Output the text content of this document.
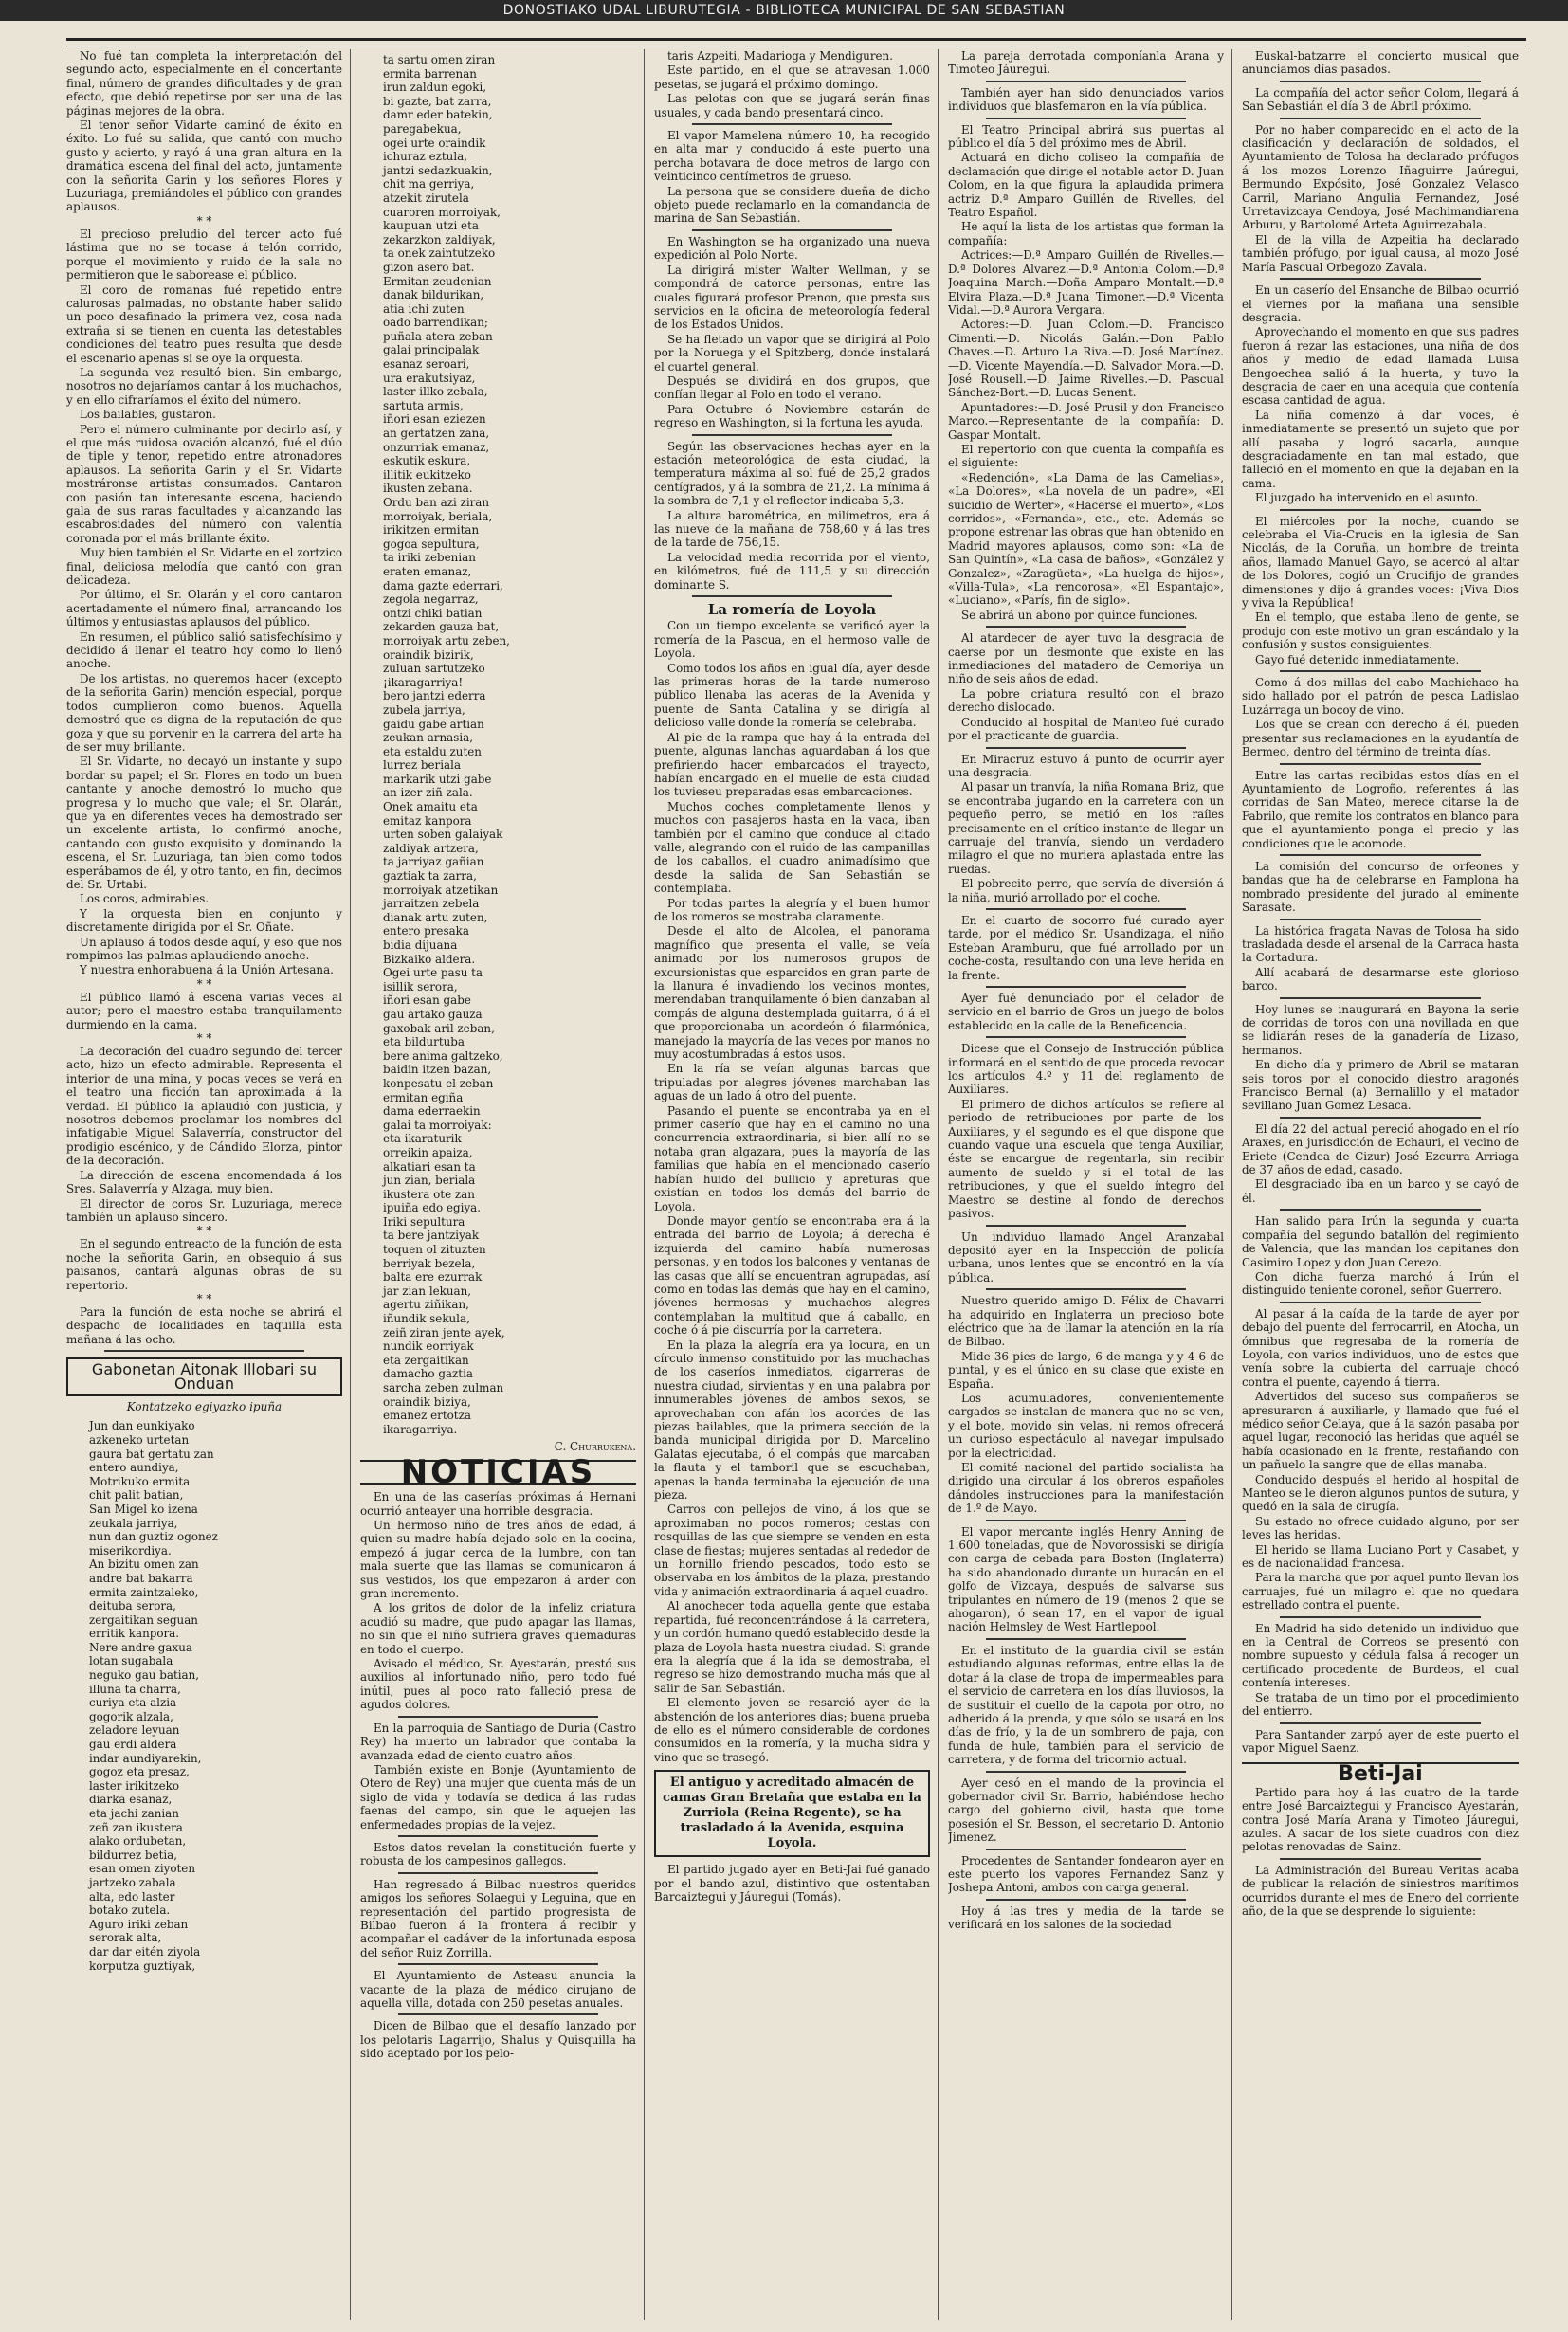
DONOSTIAKO UDAL LIBURUTEGIA - BIBLIOTECA MUNICIPAL DE SAN SEBASTIAN

No fué tan completa la interpretación del segundo acto, especialmente en el concertante final, número de grandes dificultades y de gran efecto, que debió repetirse por ser una de las páginas mejores de la obra.

El tenor señor Vidarte caminó de éxito en éxito. Lo fué su salida, que cantó con mucho gusto y acierto, y rayó á una gran altura en la dramática escena del final del acto, juntamente con la señorita Garin y los señores Flores y Luzuriaga, premiándoles el público con grandes aplausos.

* *

El precioso preludio del tercer acto fué lástima que no se tocase á telón corrido, porque el movimiento y ruido de la sala no permitieron que le saborease el público.

El coro de romanas fué repetido entre calurosas palmadas, no obstante haber salido un poco desafinado la primera vez, cosa nada extraña si se tienen en cuenta las detestables condiciones del teatro pues resulta que desde el escenario apenas si se oye la orquesta.

La segunda vez resultó bien. Sin embargo, nosotros no dejaríamos cantar á los muchachos, y en ello cifraríamos el éxito del número.

Los bailables, gustaron.

Pero el número culminante por decirlo así, y el que más ruidosa ovación alcanzó, fué el dúo de tiple y tenor, repetido entre atronadores aplausos. La señorita Garin y el Sr. Vidarte mostráronse artistas consumados. Cantaron con pasión tan interesante escena, haciendo gala de sus raras facultades y alcanzando las escabrosidades del número con valentía coronada por el más brillante éxito.

Muy bien también el Sr. Vidarte en el zortzico final, deliciosa melodía que cantó con gran delicadeza.

Por último, el Sr. Olarán y el coro cantaron acertadamente el número final, arrancando los últimos y entusiastas aplausos del público.

En resumen, el público salió satisfechísimo y decidido á llenar el teatro hoy como lo llenó anoche.

De los artistas, no queremos hacer (excepto de la señorita Garin) mención especial, porque todos cumplieron como buenos. Aquella demostró que es digna de la reputación de que goza y que su porvenir en la carrera del arte ha de ser muy brillante.

El Sr. Vidarte, no decayó un instante y supo bordar su papel; el Sr. Flores en todo un buen cantante y anoche demostró lo mucho que progresa y lo mucho que vale; el Sr. Olarán, que ya en diferentes veces ha demostrado ser un excelente artista, lo confirmó anoche, cantando con gusto exquisito y dominando la escena, el Sr. Luzuriaga, tan bien como todos esperábamos de él, y otro tanto, en fin, decimos del Sr. Urtabi.

Los coros, admirables.

Y la orquesta bien en conjunto y discretamente dirigida por el Sr. Oñate.

Un aplauso á todos desde aquí, y eso que nos rompimos las palmas aplaudiendo anoche.

Y nuestra enhorabuena á la Unión Artesana.

* *

El público llamó á escena varias veces al autor; pero el maestro estaba tranquilamente durmiendo en la cama.

* *

La decoración del cuadro segundo del tercer acto, hizo un efecto admirable. Representa el interior de una mina, y pocas veces se verá en el teatro una ficción tan aproximada á la verdad. El público la aplaudió con justicia, y nosotros debemos proclamar los nombres del infatigable Miguel Salaverría, constructor del prodigio escénico, y de Cándido Elorza, pintor de la decoración.

La dirección de escena encomendada á los Sres. Salaverría y Alzaga, muy bien.

El director de coros Sr. Luzuriaga, merece también un aplauso sincero.

* *

En el segundo entreacto de la función de esta noche la señorita Garin, en obsequio á sus paisanos, cantará algunas obras de su repertorio.

* *

Para la función de esta noche se abrirá el despacho de localidades en taquilla esta mañana á las ocho.

Gabonetan Aitonak Illobari su Onduan
Kontatzeko egiyazko ipuña
Jun dan eunkiyako
azkeneko urtetan
gaura bat gertatu zan
entero aundiya,
Motrikuko ermita
chit palit batian,
San Migel ko izena
zeukala jarriya,
nun dan guztiz ogonez
miserikordiya.
An bizitu omen zan
andre bat bakarra
ermita zaintzaleko,
deituba serora,
zergaitikan seguan
erritik kanpora.
Nere andre gaxua
lotan sugabala
neguko gau batian,
illuna ta charra,
curiya eta alzia
gogorik alzala,
zeladore leyuan
gau erdi aldera
indar aundiyarekin,
gogoz eta presaz,
laster irikitzeko
diarka esanaz,
eta jachi zanian
zeñ zan ikustera
alako ordubetan,
bildurrez betia,
esan omen ziyoten
jartzeko zabala
alta, edo laster
botako zutela.
Aguro iriki zeban
serorak alta,
dar dar eitén ziyola
korputza guztiyak,
ta sartu omen ziran
ermita barrenan
irun zaldun egoki,
bi gazte, bat zarra,
damr eder batekin,
paregabekua,
ogei urte oraindik
ichuraz eztula,
jantzi sedazkuakin,
chit ma gerriya,
atzekit zirutela
cuaroren morroiyak,
kaupuan utzi eta
zekarzkon zaldiyak,
ta onek zaintutzeko
gizon asero bat.
Ermitan zeudenian
danak bildurikan,
atia ichi zuten
oado barrendikan;
puñala atera zeban
galai principalak
esanaz seroari,
ura erakutsiyaz,
laster illko zebala,
sartuta armis,
iñori esan eziezen
an gertatzen zana,
onzurriak emanaz,
eskutik eskura,
illitik eukitzeko
ikusten zebana.
Ordu ban azi ziran
morroiyak, beriala,
irikitzen ermitan
gogoa sepultura,
ta iriki zebenian
eraten emanaz,
dama gazte ederrari,
zegola negarraz,
ontzi chiki batian
zekarden gauza bat,
morroiyak artu zeben,
oraindik bizirik,
zuluan sartutzeko
¡ikaragarriya!
bero jantzi ederra
zubela jarriya,
gaidu gabe artian
zeukan arnasia,
eta estaldu zuten
lurrez beriala
markarik utzi gabe
an izer ziñ zala.
Onek amaitu eta
emitaz kanpora
urten soben galaiyak
zaldiyak artzera,
ta jarriyaz gañian
gaztiak ta zarra,
morroiyak atzetikan
jarraitzen zebela
dianak artu zuten,
entero presaka
bidia dijuana
Bizkaiko aldera.
Ogei urte pasu ta
isillik serora,
iñori esan gabe
gau artako gauza
gaxobak aril zeban,
eta bildurtuba
bere anima galtzeko,
baidin itzen bazan,
konpesatu el zeban
ermitan egiña
dama ederraekin
galai ta morroiyak:
eta ikaraturik
orreikin apaiza,
alkatiari esan ta
jun zian, beriala
ikustera ote zan
ipuiña edo egiya.
Iriki sepultura
ta bere jantziyak
toquen ol zituzten
berriyak bezela,
balta ere ezurrak
jar zian lekuan,
agertu ziñikan,
iñundik sekula,
zeiñ ziran jente ayek,
nundik eorriyak
eta zergaitikan
damacho gaztia
sarcha zeben zulman
oraindik biziya,
emanez ertotza
ikaragarriya.
C. Churrukena.
NOTICIAS

En una de las caserías próximas á Hernani ocurrió anteayer una horrible desgracia.

Un hermoso niño de tres años de edad, á quien su madre había dejado solo en la cocina, empezó á jugar cerca de la lumbre, con tan mala suerte que las llamas se comunicaron á sus vestidos, los que empezaron á arder con gran incremento.

A los gritos de dolor de la infeliz criatura acudió su madre, que pudo apagar las llamas, no sin que el niño sufriera graves quemaduras en todo el cuerpo.

Avisado el médico, Sr. Ayestarán, prestó sus auxilios al infortunado niño, pero todo fué inútil, pues al poco rato falleció presa de agudos dolores.

En la parroquia de Santiago de Duria (Castro Rey) ha muerto un labrador que contaba la avanzada edad de ciento cuatro años.

También existe en Bonje (Ayuntamiento de Otero de Rey) una mujer que cuenta más de un siglo de vida y todavía se dedica á las rudas faenas del campo, sin que le aquejen las enfermedades propias de la vejez.

Estos datos revelan la constitución fuerte y robusta de los campesinos gallegos.

Han regresado á Bilbao nuestros queridos amigos los señores Solaegui y Leguina, que en representación del partido progresista de Bilbao fueron á la frontera á recibir y acompañar el cadáver de la infortunada esposa del señor Ruiz Zorrilla.

El Ayuntamiento de Asteasu anuncia la vacante de la plaza de médico cirujano de aquella villa, dotada con 250 pesetas anuales.

Dicen de Bilbao que el desafío lanzado por los pelotaris Lagarrijo, Shalus y Quisquilla ha sido aceptado por los pelo-

taris Azpeiti, Madarioga y Mendiguren.

Este partido, en el que se atravesan 1.000 pesetas, se jugará el próximo domingo.

Las pelotas con que se jugará serán finas usuales, y cada bando presentará cinco.

El vapor Mamelena número 10, ha recogido en alta mar y conducido á este puerto una percha botavara de doce metros de largo con veinticinco centímetros de grueso.

La persona que se considere dueña de dicho objeto puede reclamarlo en la comandancia de marina de San Sebastián.

En Washington se ha organizado una nueva expedición al Polo Norte.

La dirigirá mister Walter Wellman, y se compondrá de catorce personas, entre las cuales figurará profesor Prenon, que presta sus servicios en la oficina de meteorología federal de los Estados Unidos.

Se ha fletado un vapor que se dirigirá al Polo por la Noruega y el Spitzberg, donde instalará el cuartel general.

Después se dividirá en dos grupos, que confían llegar al Polo en todo el verano.

Para Octubre ó Noviembre estarán de regreso en Washington, si la fortuna les ayuda.

Según las observaciones hechas ayer en la estación meteorológica de esta ciudad, la temperatura máxima al sol fué de 25,2 grados centígrados, y á la sombra de 21,2. La mínima á la sombra de 7,1 y el reflector indicaba 5,3.

La altura barométrica, en milímetros, era á las nueve de la mañana de 758,60 y á las tres de la tarde de 756,15.

La velocidad media recorrida por el viento, en kilómetros, fué de 111,5 y su dirección dominante S.

La romería de Loyola

Con un tiempo excelente se verificó ayer la romería de la Pascua, en el hermoso valle de Loyola.

Como todos los años en igual día, ayer desde las primeras horas de la tarde numeroso público llenaba las aceras de la Avenida y puente de Santa Catalina y se dirigía al delicioso valle donde la romería se celebraba.

Al pie de la rampa que hay á la entrada del puente, algunas lanchas aguardaban á los que prefiriendo hacer embarcados el trayecto, habían encargado en el muelle de esta ciudad los tuvieseu preparadas esas embarcaciones.

Muchos coches completamente llenos y muchos con pasajeros hasta en la vaca, iban también por el camino que conduce al citado valle, alegrando con el ruido de las campanillas de los caballos, el cuadro animadísimo que desde la salida de San Sebastián se contemplaba.

Por todas partes la alegría y el buen humor de los romeros se mostraba claramente.

Desde el alto de Alcolea, el panorama magnífico que presenta el valle, se veía animado por los numerosos grupos de excursionistas que esparcidos en gran parte de la llanura é invadiendo los vecinos montes, merendaban tranquilamente ó bien danzaban al compás de alguna destemplada guitarra, ó á el que proporcionaba un acordeón ó filarmónica, manejado la mayoría de las veces por manos no muy acostumbradas á estos usos.

En la ría se veían algunas barcas que tripuladas por alegres jóvenes marchaban las aguas de un lado á otro del puente.

Pasando el puente se encontraba ya en el primer caserío que hay en el camino no una concurrencia extraordinaria, si bien allí no se notaba gran algazara, pues la mayoría de las familias que había en el mencionado caserío habían huido del bullicio y apreturas que existían en todos los demás del barrio de Loyola.

Donde mayor gentío se encontraba era á la entrada del barrio de Loyola; á derecha é izquierda del camino había numerosas personas, y en todos los balcones y ventanas de las casas que allí se encuentran agrupadas, así como en todas las demás que hay en el camino, jóvenes hermosas y muchachos alegres contemplaban la multitud que á caballo, en coche ó á pie discurría por la carretera.

En la plaza la alegría era ya locura, en un círculo inmenso constituido por las muchachas de los caseríos inmediatos, cigarreras de nuestra ciudad, sirvientas y en una palabra por innumerables jóvenes de ambos sexos, se aprovechaban con afán los acordes de las piezas bailables, que la primera sección de la banda municipal dirigida por D. Marcelino Galatas ejecutaba, ó el compás que marcaban la flauta y el tamboril que se escuchaban, apenas la banda terminaba la ejecución de una pieza.

Carros con pellejos de vino, á los que se aproximaban no pocos romeros; cestas con rosquillas de las que siempre se venden en esta clase de fiestas; mujeres sentadas al rededor de un hornillo friendo pescados, todo esto se observaba en los ámbitos de la plaza, prestando vida y animación extraordinaria á aquel cuadro.

Al anochecer toda aquella gente que estaba repartida, fué reconcentrándose á la carretera, y un cordón humano quedó establecido desde la plaza de Loyola hasta nuestra ciudad. Si grande era la alegría que á la ida se demostraba, el regreso se hizo demostrando mucha más que al salir de San Sebastián.

El elemento joven se resarció ayer de la abstención de los anteriores días; buena prueba de ello es el número considerable de cordones consumidos en la romería, y la mucha sidra y vino que se trasegó.

El antiguo y acreditado almacén de camas Gran Bretaña que estaba en la Zurriola (Reina Regente), se ha trasladado á la Avenida, esquina Loyola.

El partido jugado ayer en Beti-Jai fué ganado por el bando azul, distintivo que ostentaban Barcaiztegui y Jáuregui (Tomás).

La pareja derrotada componíanla Arana y Timoteo Jáuregui.

También ayer han sido denunciados varios individuos que blasfemaron en la vía pública.

El Teatro Principal abrirá sus puertas al público el día 5 del próximo mes de Abril.

Actuará en dicho coliseo la compañía de declamación que dirige el notable actor D. Juan Colom, en la que figura la aplaudida primera actriz D.ª Amparo Guillén de Rivelles, del Teatro Español.

He aquí la lista de los artistas que forman la compañía:

Actrices:—D.ª Amparo Guillén de Rivelles.—D.ª Dolores Alvarez.—D.ª Antonia Colom.—D.ª Joaquina March.—Doña Amparo Montalt.—D.ª Elvira Plaza.—D.ª Juana Timoner.—D.ª Vicenta Vidal.—D.ª Aurora Vergara.

Actores:—D. Juan Colom.—D. Francisco Cimenti.—D. Nicolás Galán.—Don Pablo Chaves.—D. Arturo La Riva.—D. José Martínez.—D. Vicente Mayendía.—D. Salvador Mora.—D. José Rousell.—D. Jaime Rivelles.—D. Pascual Sánchez-Bort.—D. Lucas Senent.

Apuntadores:—D. José Prusil y don Francisco Marco.—Representante de la compañía: D. Gaspar Montalt.

El repertorio con que cuenta la compañía es el siguiente:

«Redención», «La Dama de las Camelias», «La Dolores», «La novela de un padre», «El suicidio de Werter», «Hacerse el muerto», «Los corridos», «Fernanda», etc., etc. Además se propone estrenar las obras que han obtenido en Madrid mayores aplausos, como son: «La de San Quintín», «La casa de baños», «González y Gonzalez», «Zaragüeta», «La huelga de hijos», «Villa-Tula», «La rencorosa», «El Espantajo», «Luciano», «París, fin de siglo».

Se abrirá un abono por quince funciones.

Al atardecer de ayer tuvo la desgracia de caerse por un desmonte que existe en las inmediaciones del matadero de Cemoriya un niño de seis años de edad.

La pobre criatura resultó con el brazo derecho dislocado.

Conducido al hospital de Manteo fué curado por el practicante de guardia.

En Miracruz estuvo á punto de ocurrir ayer una desgracia.

Al pasar un tranvía, la niña Romana Briz, que se encontraba jugando en la carretera con un pequeño perro, se metió en los raíles precisamente en el crítico instante de llegar un carruaje del tranvía, siendo un verdadero milagro el que no muriera aplastada entre las ruedas.

El pobrecito perro, que servía de diversión á la niña, murió arrollado por el coche.

En el cuarto de socorro fué curado ayer tarde, por el médico Sr. Usandizaga, el niño Esteban Aramburu, que fué arrollado por un coche-costa, resultando con una leve herida en la frente.

Ayer fué denunciado por el celador de servicio en el barrio de Gros un juego de bolos establecido en la calle de la Beneficencia.

Dicese que el Consejo de Instrucción pública informará en el sentido de que proceda revocar los artículos 4.º y 11 del reglamento de Auxiliares.

El primero de dichos artículos se refiere al periodo de retribuciones por parte de los Auxiliares, y el segundo es el que dispone que cuando vaque una escuela que tenga Auxiliar, éste se encargue de regentarla, sin recibir aumento de sueldo y si el total de las retribuciones, y que el sueldo íntegro del Maestro se destine al fondo de derechos pasivos.

Un individuo llamado Angel Aranzabal depositó ayer en la Inspección de policía urbana, unos lentes que se encontró en la vía pública.

Nuestro querido amigo D. Félix de Chavarri ha adquirido en Inglaterra un precioso bote eléctrico que ha de llamar la atención en la ría de Bilbao.

Mide 36 pies de largo, 6 de manga y y 4 6 de puntal, y es el único en su clase que existe en España.

Los acumuladores, convenientemente cargados se instalan de manera que no se ven, y el bote, movido sin velas, ni remos ofrecerá un curioso espectáculo al navegar impulsado por la electricidad.

El comité nacional del partido socialista ha dirigido una circular á los obreros españoles dándoles instrucciones para la manifestación de 1.º de Mayo.

El vapor mercante inglés Henry Anning de 1.600 toneladas, que de Novorossiski se dirigía con carga de cebada para Boston (Inglaterra) ha sido abandonado durante un huracán en el golfo de Vizcaya, después de salvarse sus tripulantes en número de 19 (menos 2 que se ahogaron), ó sean 17, en el vapor de igual nación Helmsley de West Hartlepool.

En el instituto de la guardia civil se están estudiando algunas reformas, entre ellas la de dotar á la clase de tropa de impermeables para el servicio de carretera en los días lluviosos, la de sustituir el cuello de la capota por otro, no adherido á la prenda, y que sólo se usará en los días de frío, y la de un sombrero de paja, con funda de hule, también para el servicio de carretera, y de forma del tricornio actual.

Ayer cesó en el mando de la provincia el gobernador civil Sr. Barrio, habiéndose hecho cargo del gobierno civil, hasta que tome posesión el Sr. Besson, el secretario D. Antonio Jimenez.

Procedentes de Santander fondearon ayer en este puerto los vapores Fernandez Sanz y Joshepa Antoni, ambos con carga general.

Hoy á las tres y media de la tarde se verificará en los salones de la sociedad

Euskal-batzarre el concierto musical que anunciamos días pasados.

La compañía del actor señor Colom, llegará á San Sebastián el día 3 de Abril próximo.

Por no haber comparecido en el acto de la clasificación y declaración de soldados, el Ayuntamiento de Tolosa ha declarado prófugos á los mozos Lorenzo Iñaguirre Jaúregui, Bermundo Expósito, José Gonzalez Velasco Carril, Mariano Angulia Fernandez, José Urretavizcaya Cendoya, José Machimandiarena Arburu, y Bartolomé Arteta Aguirrezabala.

El de la villa de Azpeitia ha declarado también prófugo, por igual causa, al mozo José María Pascual Orbegozo Zavala.

En un caserío del Ensanche de Bilbao ocurrió el viernes por la mañana una sensible desgracia.

Aprovechando el momento en que sus padres fueron á rezar las estaciones, una niña de dos años y medio de edad llamada Luisa Bengoechea salió á la huerta, y tuvo la desgracia de caer en una acequia que contenía escasa cantidad de agua.

La niña comenzó á dar voces, é inmediatamente se presentó un sujeto que por allí pasaba y logró sacarla, aunque desgraciadamente en tan mal estado, que falleció en el momento en que la dejaban en la cama.

El juzgado ha intervenido en el asunto.

El miércoles por la noche, cuando se celebraba el Via-Crucis en la iglesia de San Nicolás, de la Coruña, un hombre de treinta años, llamado Manuel Gayo, se acercó al altar de los Dolores, cogió un Crucifijo de grandes dimensiones y dijo á grandes voces: ¡Viva Dios y viva la República!

En el templo, que estaba lleno de gente, se produjo con este motivo un gran escándalo y la confusión y sustos consiguientes.

Gayo fué detenido inmediatamente.

Como á dos millas del cabo Machichaco ha sido hallado por el patrón de pesca Ladislao Luzárraga un bocoy de vino.

Los que se crean con derecho á él, pueden presentar sus reclamaciones en la ayudantía de Bermeo, dentro del término de treinta días.

Entre las cartas recibidas estos días en el Ayuntamiento de Logroño, referentes á las corridas de San Mateo, merece citarse la de Fabrilo, que remite los contratos en blanco para que el ayuntamiento ponga el precio y las condiciones que le acomode.

La comisión del concurso de orfeones y bandas que ha de celebrarse en Pamplona ha nombrado presidente del jurado al eminente Sarasate.

La histórica fragata Navas de Tolosa ha sido trasladada desde el arsenal de la Carraca hasta la Cortadura.

Allí acabará de desarmarse este glorioso barco.

Hoy lunes se inaugurará en Bayona la serie de corridas de toros con una novillada en que se lidiarán reses de la ganadería de Lizaso, hermanos.

En dicho día y primero de Abril se mataran seis toros por el conocido diestro aragonés Francisco Bernal (a) Bernalillo y el matador sevillano Juan Gomez Lesaca.

El día 22 del actual pereció ahogado en el río Araxes, en jurisdicción de Echauri, el vecino de Eriete (Cendea de Cizur) José Ezcurra Arriaga de 37 años de edad, casado.

El desgraciado iba en un barco y se cayó de él.

Han salido para Irún la segunda y cuarta compañía del segundo batallón del regimiento de Valencia, que las mandan los capitanes don Casimiro Lopez y don Juan Cerezo.

Con dicha fuerza marchó á Irún el distinguido teniente coronel, señor Guerrero.

Al pasar á la caída de la tarde de ayer por debajo del puente del ferrocarril, en Atocha, un ómnibus que regresaba de la romería de Loyola, con varios individuos, uno de estos que venía sobre la cubierta del carruaje chocó contra el puente, cayendo á tierra.

Advertidos del suceso sus compañeros se apresuraron á auxiliarle, y llamado que fué el médico señor Celaya, que á la sazón pasaba por aquel lugar, reconoció las heridas que aquél se había ocasionado en la frente, restañando con un pañuelo la sangre que de ellas manaba.

Conducido después el herido al hospital de Manteo se le dieron algunos puntos de sutura, y quedó en la sala de cirugía.

Su estado no ofrece cuidado alguno, por ser leves las heridas.

El herido se llama Luciano Port y Casabet, y es de nacionalidad francesa.

Para la marcha que por aquel punto llevan los carruajes, fué un milagro el que no quedara estrellado contra el puente.

En Madrid ha sido detenido un individuo que en la Central de Correos se presentó con nombre supuesto y cédula falsa á recoger un certificado procedente de Burdeos, el cual contenía intereses.

Se trataba de un timo por el procedimiento del entierro.

Para Santander zarpó ayer de este puerto el vapor Miguel Saenz.

Beti-Jai

Partido para hoy á las cuatro de la tarde entre José Barcaiztegui y Francisco Ayestarán, contra José María Arana y Timoteo Jáuregui, azules. A sacar de los siete cuadros con diez pelotas renovadas de Sainz.

La Administración del Bureau Veritas acaba de publicar la relación de siniestros marítimos ocurridos durante el mes de Enero del corriente año, de la que se desprende lo siguiente:
